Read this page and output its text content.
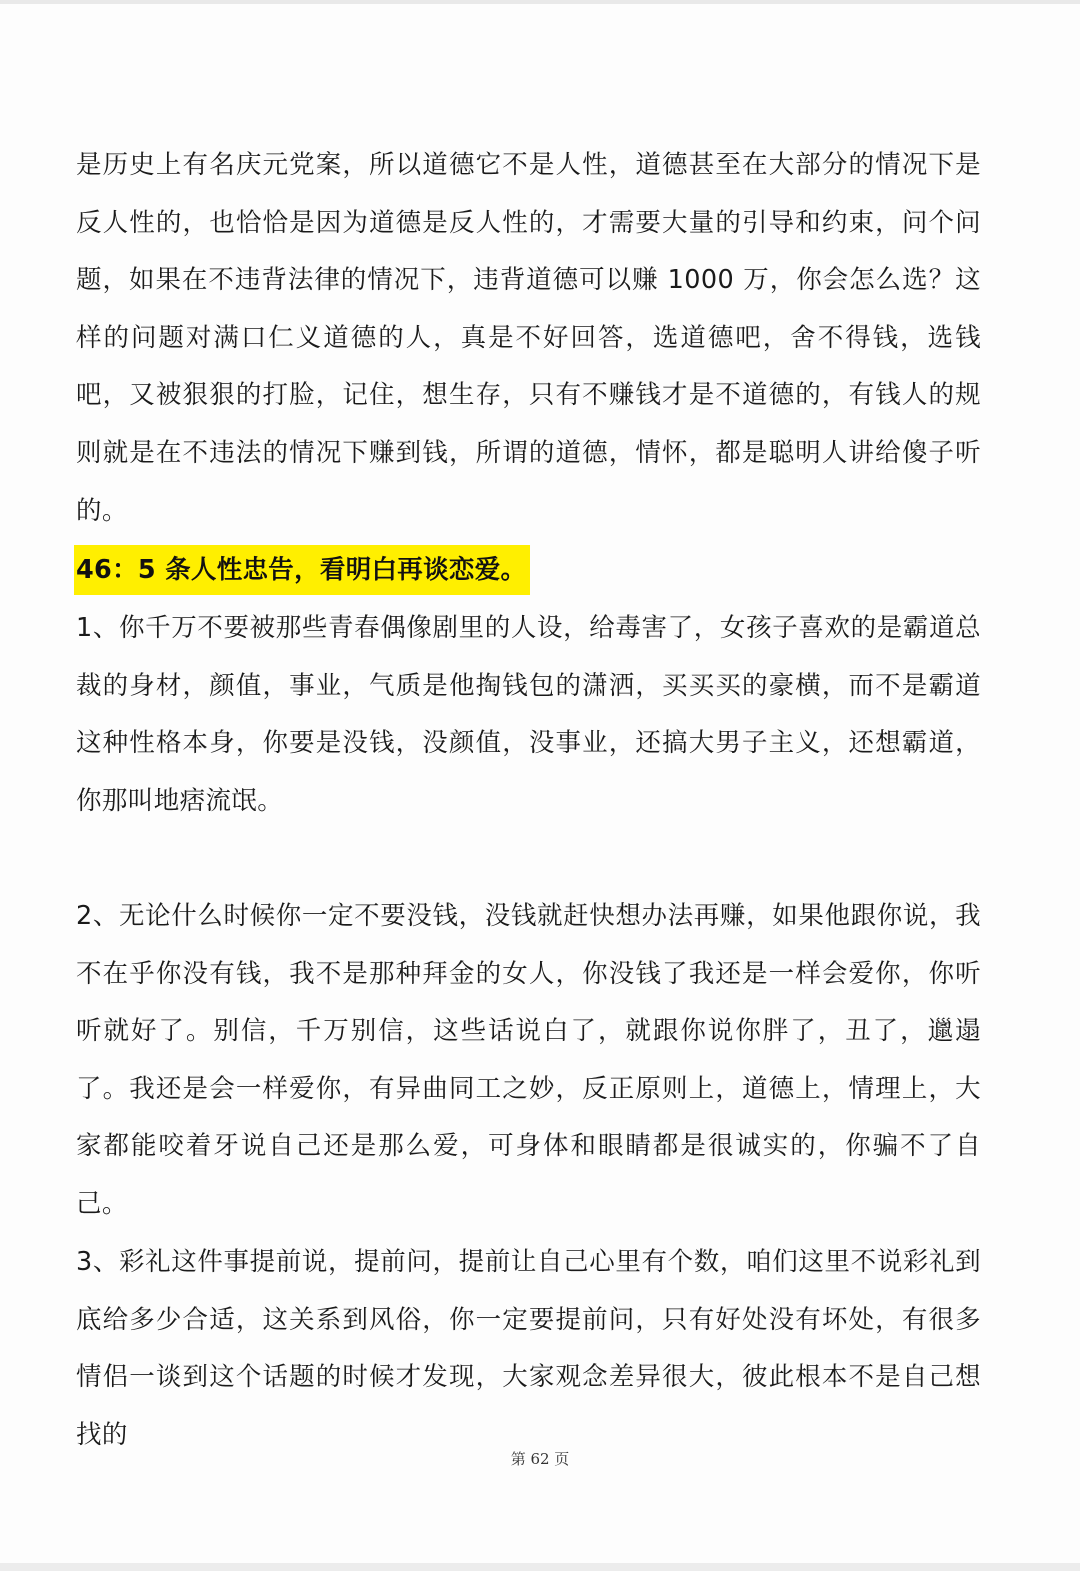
是历史上有名庆元党案，所以道德它不是人性，道德甚至在大部分的情况下是反人性的，也恰恰是因为道德是反人性的，才需要大量的引导和约束，问个问题，如果在不违背法律的情况下，违背道德可以赚 1000 万，你会怎么选？这样的问题对满口仁义道德的人，真是不好回答，选道德吧，舍不得钱，选钱吧，又被狠狠的打脸，记住，想生存，只有不赚钱才是不道德的，有钱人的规则就是在不违法的情况下赚到钱，所谓的道德，情怀，都是聪明人讲给傻子听的。

46：5 条人性忠告，看明白再谈恋爱。

1、你千万不要被那些青春偶像剧里的人设，给毒害了，女孩子喜欢的是霸道总裁的身材，颜值，事业，气质是他掏钱包的潇洒，买买买的豪横，而不是霸道这种性格本身，你要是没钱，没颜值，没事业，还搞大男子主义，还想霸道，你那叫地痞流氓。

2、无论什么时候你一定不要没钱，没钱就赶快想办法再赚，如果他跟你说，我不在乎你没有钱，我不是那种拜金的女人，你没钱了我还是一样会爱你，你听听就好了。别信，千万别信，这些话说白了，就跟你说你胖了，丑了，邋遢了。我还是会一样爱你，有异曲同工之妙，反正原则上，道德上，情理上，大家都能咬着牙说自己还是那么爱，可身体和眼睛都是很诚实的，你骗不了自己。

3、彩礼这件事提前说，提前问，提前让自己心里有个数，咱们这里不说彩礼到底给多少合适，这关系到风俗，你一定要提前问，只有好处没有坏处，有很多情侣一谈到这个话题的时候才发现，大家观念差异很大，彼此根本不是自己想找的

第 62 页
